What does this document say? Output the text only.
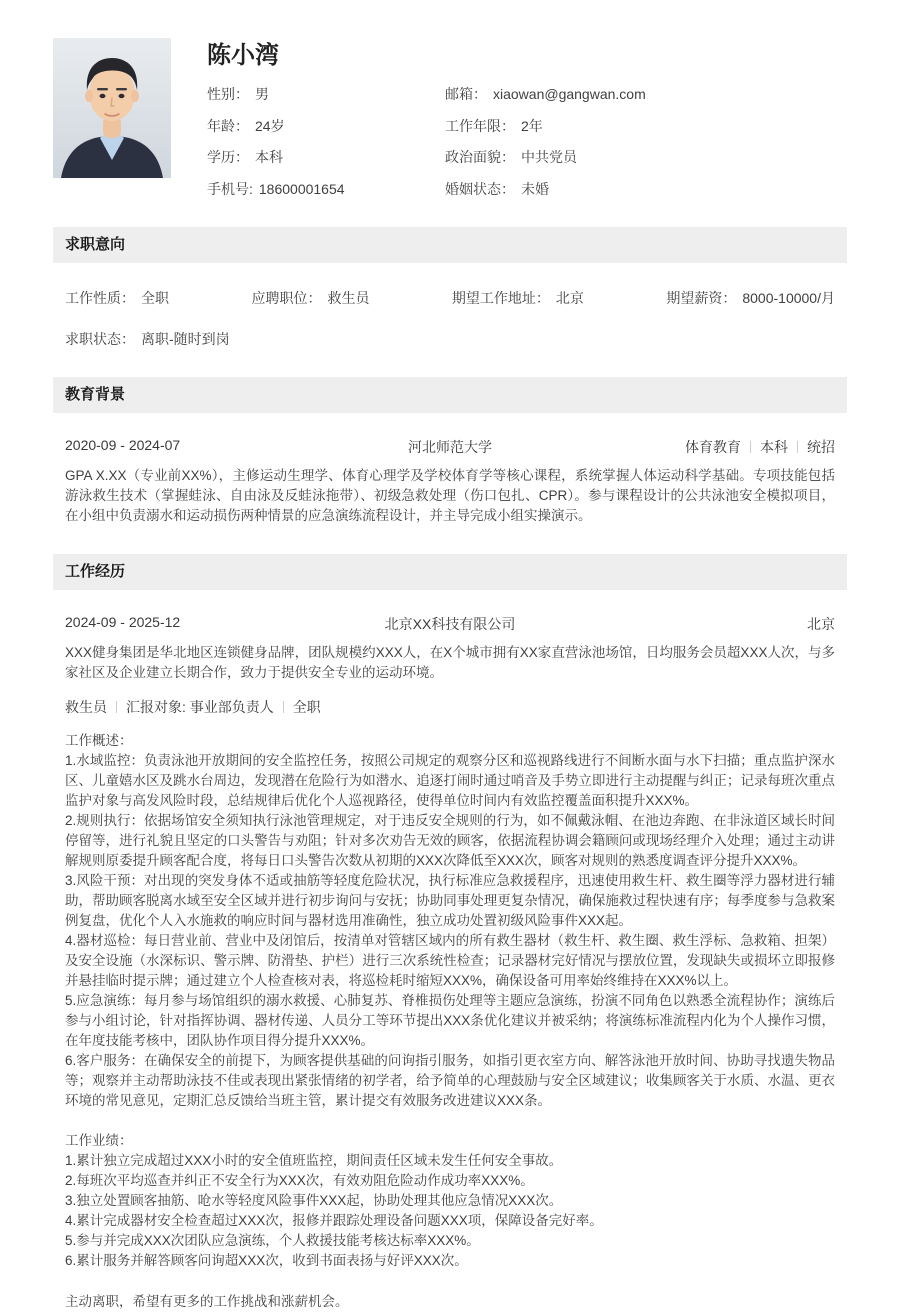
陈小湾
性别： 男	邮箱： xiaowan@gangwan.com
年龄： 24岁	工作年限： 2年
学历： 本科	政治面貌： 中共党员
手机号: 18600001654	婚姻状态： 未婚
求职意向
工作性质： 全职	应聘职位： 救生员	期望工作地址： 北京	期望薪资： 8000-10000/月
求职状态： 离职-随时到岗
教育背景
2020-09 - 2024-07	河北师范大学	体育教育 本科 统招
GPA X.XX（专业前XX%），主修运动生理学、体育心理学及学校体育学等核心课程，系统掌握人体运动科学基础。专项技能包括游泳救生技术（掌握蛙泳、自由泳及反蛙泳拖带）、初级急救处理（伤口包扎、CPR）。参与课程设计的公共泳池安全模拟项目，在小组中负责溺水和运动损伤两种情景的应急演练流程设计，并主导完成小组实操演示。
工作经历
2024-09 - 2025-12	北京XX科技有限公司	北京
XXX健身集团是华北地区连锁健身品牌，团队规模约XXX人，在X个城市拥有XX家直营泳池场馆，日均服务会员超XXX人次，与多家社区及企业建立长期合作，致力于提供安全专业的运动环境。
救生员 汇报对象: 事业部负责人 全职
工作概述：
1.水域监控：负责泳池开放期间的安全监控任务，按照公司规定的观察分区和巡视路线进行不间断水面与水下扫描；重点监护深水区、儿童嬉水区及跳水台周边，发现潜在危险行为如潜水、追逐打闹时通过哨音及手势立即进行主动提醒与纠正；记录每班次重点监护对象与高发风险时段，总结规律后优化个人巡视路径，使得单位时间内有效监控覆盖面积提升XXX%。
2.规则执行：依据场馆安全须知执行泳池管理规定，对于违反安全规则的行为，如不佩戴泳帽、在池边奔跑、在非泳道区域长时间停留等，进行礼貌且坚定的口头警告与劝阻；针对多次劝告无效的顾客，依据流程协调会籍顾问或现场经理介入处理；通过主动讲解规则原委提升顾客配合度，将每日口头警告次数从初期的XXX次降低至XXX次，顾客对规则的熟悉度调查评分提升XXX%。
3.风险干预：对出现的突发身体不适或抽筋等轻度危险状况，执行标准应急救援程序，迅速使用救生杆、救生圈等浮力器材进行辅助，帮助顾客脱离水域至安全区域并进行初步询问与安抚；协助同事处理更复杂情况，确保施救过程快速有序；每季度参与急救案例复盘，优化个人入水施救的响应时间与器材选用准确性，独立成功处置初级风险事件XXX起。
4.器材巡检：每日营业前、营业中及闭馆后，按清单对管辖区域内的所有救生器材（救生杆、救生圈、救生浮标、急救箱、担架）及安全设施（水深标识、警示牌、防滑垫、护栏）进行三次系统性检查；记录器材完好情况与摆放位置，发现缺失或损坏立即报修并悬挂临时提示牌；通过建立个人检查核对表，将巡检耗时缩短XXX%，确保设备可用率始终维持在XXX%以上。
5.应急演练：每月参与场馆组织的溺水救援、心肺复苏、脊椎损伤处理等主题应急演练，扮演不同角色以熟悉全流程协作；演练后参与小组讨论，针对指挥协调、器材传递、人员分工等环节提出XXX条优化建议并被采纳；将演练标准流程内化为个人操作习惯，在年度技能考核中，团队协作项目得分提升XXX%。
6.客户服务：在确保安全的前提下，为顾客提供基础的问询指引服务，如指引更衣室方向、解答泳池开放时间、协助寻找遗失物品等；观察并主动帮助泳技不佳或表现出紧张情绪的初学者，给予简单的心理鼓励与安全区域建议；收集顾客关于水质、水温、更衣环境的常见意见，定期汇总反馈给当班主管，累计提交有效服务改进建议XXX条。
工作业绩：
1.累计独立完成超过XXX小时的安全值班监控，期间责任区域未发生任何安全事故。
2.每班次平均巡查并纠正不安全行为XXX次，有效劝阻危险动作成功率XXX%。
3.独立处置顾客抽筋、呛水等轻度风险事件XXX起，协助处理其他应急情况XXX次。
4.累计完成器材安全检查超过XXX次，报修并跟踪处理设备问题XXX项，保障设备完好率。
5.参与并完成XXX次团队应急演练，个人救援技能考核达标率XXX%。
6.累计服务并解答顾客问询超XXX次，收到书面表扬与好评XXX次。
主动离职，希望有更多的工作挑战和涨薪机会。
